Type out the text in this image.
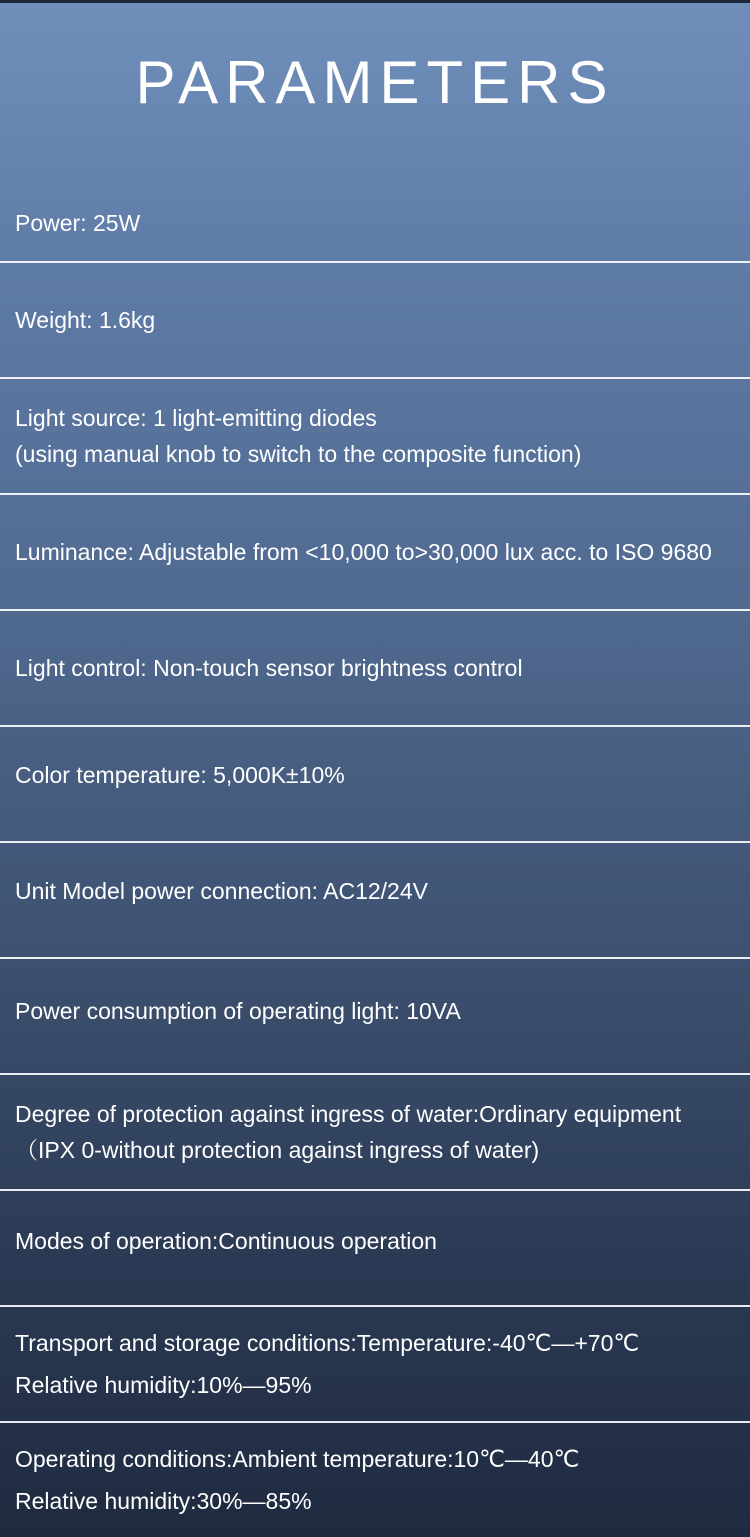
PARAMETERS
Power: 25W
Weight: 1.6kg
Light source: 1 light-emitting diodes
(using manual knob to switch to the composite function)
Luminance: Adjustable from <10,000 to>30,000 lux acc. to ISO 9680
Light control: Non-touch sensor brightness control
Color temperature: 5,000K±10%
Unit Model power connection: AC12/24V
Power consumption of operating light: 10VA
Degree of protection against ingress of water:Ordinary equipment
（IPX 0-without protection against ingress of water)
Modes of operation:Continuous operation
Transport and storage conditions:Temperature:-40℃—+70℃
Relative humidity:10%—95%
Operating conditions:Ambient temperature:10℃—40℃
Relative humidity:30%—85%
